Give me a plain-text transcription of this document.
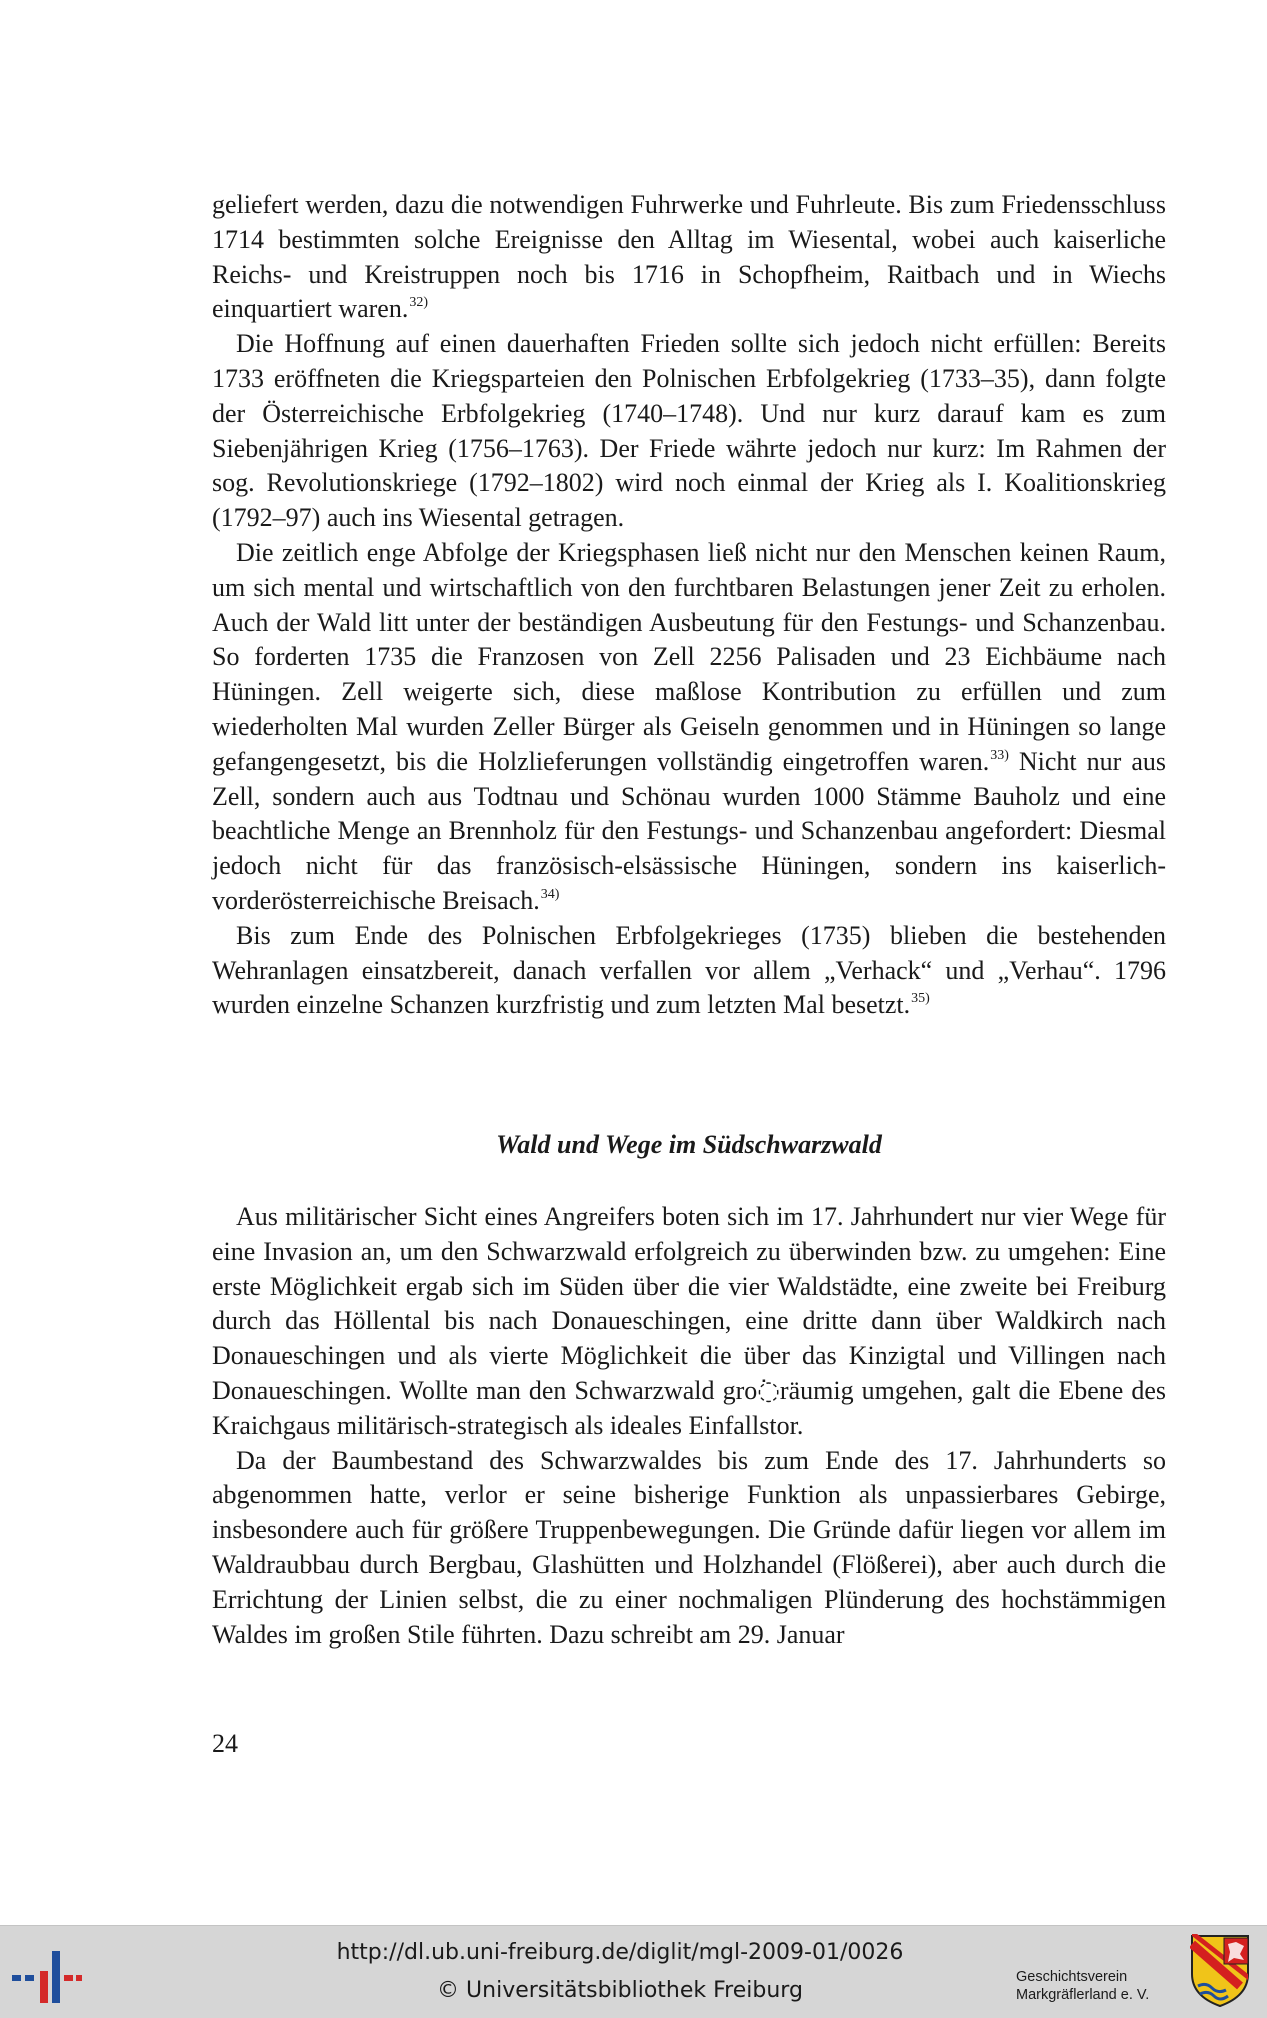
geliefert werden, dazu die notwendigen Fuhrwerke und Fuhrleute. Bis zum Friedensschluss 1714 bestimmten solche Ereignisse den Alltag im Wiesental, wobei auch kaiserliche Reichs- und Kreistruppen noch bis 1716 in Schopfheim, Raitbach und in Wiechs einquartiert waren.$^{32)}$

Die Hoffnung auf einen dauerhaften Frieden sollte sich jedoch nicht erfüllen: Bereits 1733 eröffneten die Kriegsparteien den Polnischen Erbfolgekrieg (1733–35), dann folgte der Österreichische Erbfolgekrieg (1740–1748). Und nur kurz darauf kam es zum Siebenjährigen Krieg (1756–1763). Der Friede währte jedoch nur kurz: Im Rahmen der sog. Revolutionskriege (1792–1802) wird noch einmal der Krieg als I. Koalitionskrieg (1792–97) auch ins Wiesental getragen.

Die zeitlich enge Abfolge der Kriegsphasen ließ nicht nur den Menschen keinen Raum, um sich mental und wirtschaftlich von den furchtbaren Belastungen jener Zeit zu erholen. Auch der Wald litt unter der beständigen Ausbeutung für den Festungs- und Schanzenbau. So forderten 1735 die Franzosen von Zell 2256 Palisaden und 23 Eichbäume nach Hüningen. Zell weigerte sich, diese maßlose Kontribution zu erfüllen und zum wiederholten Mal wurden Zeller Bürger als Geiseln genommen und in Hüningen so lange gefangengesetzt, bis die Holzlieferungen vollständig eingetroffen waren.$^{33)}$ Nicht nur aus Zell, sondern auch aus Todtnau und Schönau wurden 1000 Stämme Bauholz und eine beachtliche Menge an Brennholz für den Festungs- und Schanzenbau angefordert: Diesmal jedoch nicht für das französisch-elsässische Hüningen, sondern ins kaiserlich-vorderösterreichische Breisach.$^{34)}$

Bis zum Ende des Polnischen Erbfolgekrieges (1735) blieben die bestehenden Wehranlagen einsatzbereit, danach verfallen vor allem „Verhack“ und „Verhau“. 1796 wurden einzelne Schanzen kurzfristig und zum letzten Mal besetzt.$^{35)}$

Wald und Wege im Südschwarzwald

Aus militärischer Sicht eines Angreifers boten sich im 17. Jahrhundert nur vier Wege für eine Invasion an, um den Schwarzwald erfolgreich zu überwinden bzw. zu umgehen: Eine erste Möglichkeit ergab sich im Süden über die vier Waldstädte, eine zweite bei Freiburg durch das Höllental bis nach Donaueschingen, eine dritte dann über Waldkirch nach Donaueschingen und als vierte Möglichkeit die über das Kinzigtal und Villingen nach Donaueschingen. Wollte man den Schwarzwald gro߭räumig umgehen, galt die Ebene des Kraichgaus militärisch-strategisch als ideales Einfallstor.

Da der Baumbestand des Schwarzwaldes bis zum Ende des 17. Jahrhunderts so abgenommen hatte, verlor er seine bisherige Funktion als unpassierbares Gebirge, insbesondere auch für größere Truppenbewegungen. Die Gründe dafür liegen vor allem im Waldraubbau durch Bergbau, Glashütten und Holzhandel (Flößerei), aber auch durch die Errichtung der Linien selbst, die zu einer nochmaligen Plünderung des hochstämmigen Waldes im großen Stile führten. Dazu schreibt am 29. Januar

24

http://dl.ub.uni-freiburg.de/diglit/mgl-2009-01/0026

© Universitätsbibliothek Freiburg

Geschichtsverein
Markgräflerland e. V.
